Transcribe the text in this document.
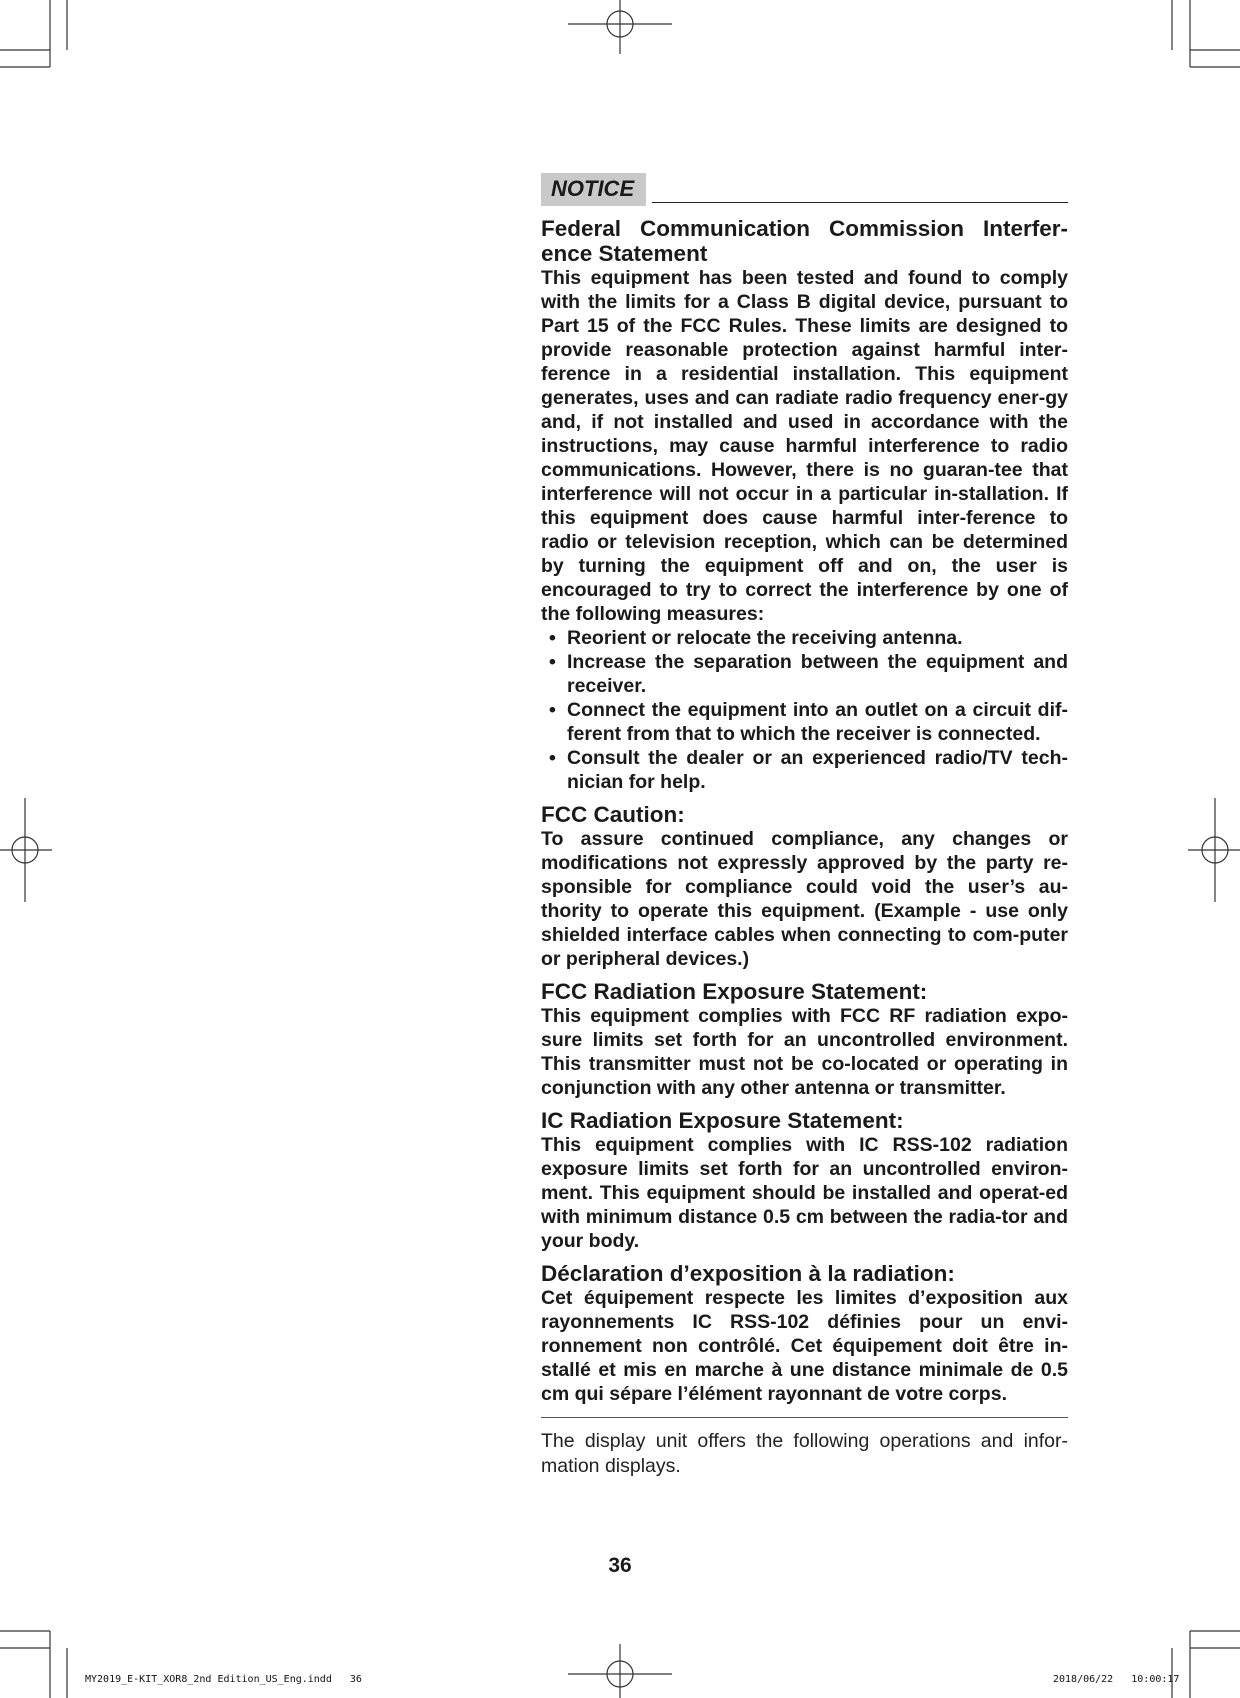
NOTICE
Federal Communication Commission Interfer-ence Statement

This equipment has been tested and found to comply with the limits for a Class B digital device, pursuant to Part 15 of the FCC Rules. These limits are designed to provide reasonable protection against harmful inter-ference in a residential installation. This equipment generates, uses and can radiate radio frequency ener-gy and, if not installed and used in accordance with the instructions, may cause harmful interference to radio communications. However, there is no guaran-tee that interference will not occur in a particular in-stallation. If this equipment does cause harmful inter-ference to radio or television reception, which can be determined by turning the equipment off and on, the user is encouraged to try to correct the interference by one of the following measures:

• Reorient or relocate the receiving antenna.
• Increase the separation between the equipment and receiver.
• Connect the equipment into an outlet on a circuit dif-ferent from that to which the receiver is connected.
• Consult the dealer or an experienced radio/TV tech-nician for help.
FCC Caution:

To assure continued compliance, any changes or modifications not expressly approved by the party re-sponsible for compliance could void the user’s au-thority to operate this equipment. (Example - use only shielded interface cables when connecting to com-puter or peripheral devices.)

FCC Radiation Exposure Statement:

This equipment complies with FCC RF radiation expo-sure limits set forth for an uncontrolled environment. This transmitter must not be co-located or operating in conjunction with any other antenna or transmitter.

IC Radiation Exposure Statement:

This equipment complies with IC RSS-102 radiation exposure limits set forth for an uncontrolled environ-ment. This equipment should be installed and operat-ed with minimum distance 0.5 cm between the radia-tor and your body.

Déclaration d’exposition à la radiation:

Cet équipement respecte les limites d’exposition aux rayonnements IC RSS-102 définies pour un envi-ronnement non contrôlé. Cet équipement doit être in-stallé et mis en marche à une distance minimale de 0.5 cm qui sépare l’élément rayonnant de votre corps.

The display unit offers the following operations and infor-mation displays.

36
MY2019_E-KIT_XOR8_2nd Edition_US_Eng.indd   36	2018/06/22   10:00:17
